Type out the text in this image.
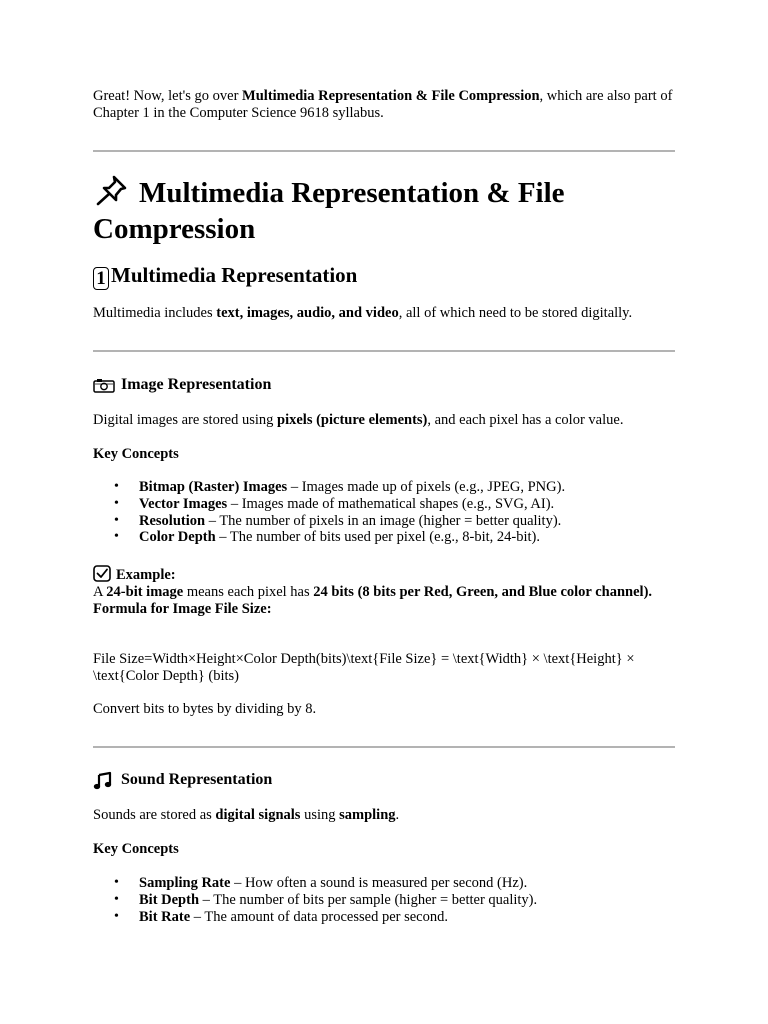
Great! Now, let's go over Multimedia Representation & File Compression, which are also part of Chapter 1 in the Computer Science 9618 syllabus.

Multimedia Representation & File Compression
1 Multimedia Representation

Multimedia includes text, images, audio, and video, all of which need to be stored digitally.

Image Representation

Digital images are stored using pixels (picture elements), and each pixel has a color value.

Key Concepts

• Bitmap (Raster) Images – Images made up of pixels (e.g., JPEG, PNG).
• Vector Images – Images made of mathematical shapes (e.g., SVG, AI).
• Resolution – The number of pixels in an image (higher = better quality).
• Color Depth – The number of bits used per pixel (e.g., 8-bit, 24-bit).

Example:

A 24-bit image means each pixel has 24 bits (8 bits per Red, Green, and Blue color channel).

Formula for Image File Size:

File Size=Width×Height×Color Depth(bits)\text{File Size} = \text{Width} × \text{Height} × \text{Color Depth} (bits)

Convert bits to bytes by dividing by 8.

Sound Representation

Sounds are stored as digital signals using sampling.

Key Concepts

• Sampling Rate – How often a sound is measured per second (Hz).
• Bit Depth – The number of bits per sample (higher = better quality).
• Bit Rate – The amount of data processed per second.
